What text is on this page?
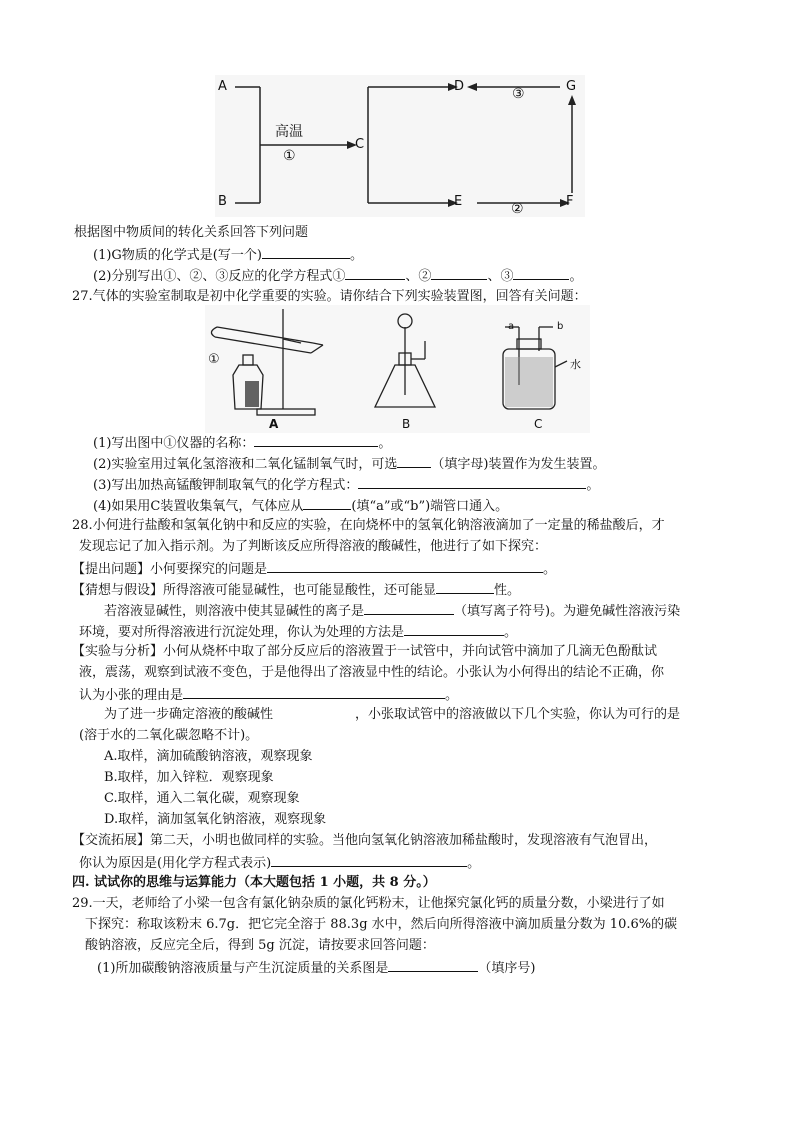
A
B
C
D
E	F
G
高温
①
②
③
根据图中物质间的转化关系回答下列问题
(1)G物质的化学式是(写一个)	。
(2)分别写出①、②、③反应的化学方程式①	、②	、③	。
27.气体的实验室制取是初中化学重要的实验。请你结合下列实验装置图，回答有关问题：
①
A	B	C
a	b
水
(1)写出图中①仪器的名称：	。
(2)实验室用过氧化氢溶液和二氧化锰制氧气时，可选	（填字母)装置作为发生装置。
(3)写出加热高锰酸钾制取氧气的化学方程式：	。
(4)如果用C装置收集氧气，气体应从	(填“a”或“b”)端管口通入。
28.小何进行盐酸和氢氧化钠中和反应的实验，在向烧杯中的氢氧化钠溶液滴加了一定量的稀盐酸后，才
发现忘记了加入指示剂。为了判断该反应所得溶液的酸碱性，他进行了如下探究：
【提出问题】小何要探究的问题是	。
【猜想与假设】所得溶液可能显碱性，也可能显酸性，还可能显	性。
若溶液显碱性，则溶液中使其显碱性的离子是	（填写离子符号)。为避免碱性溶液污染
环境，要对所得溶液进行沉淀处理，你认为处理的方法是	。
【实验与分析】小何从烧杯中取了部分反应后的溶液置于一试管中，并向试管中滴加了几滴无色酚酞试
液，震荡，观察到试液不变色，于是他得出了溶液显中性的结论。小张认为小何得出的结论不正确，你
认为小张的理由是	。
为了进一步确定溶液的酸碱性	，小张取试管中的溶液做以下几个实验，你认为可行的是
(溶于水的二氧化碳忽略不计)。
A.取样，滴加硫酸钠溶液，观察现象
B.取样，加入锌粒．观察现象
C.取样，通入二氧化碳，观察现象
D.取样，滴加氢氧化钠溶液，观察现象
【交流拓展】第二天，小明也做同样的实验。当他向氢氧化钠溶液加稀盐酸时，发现溶液有气泡冒出，
你认为原因是(用化学方程式表示)	。
四. 试试你的思维与运算能力（本大题包括 1 小题，共 8 分。）
29.一天，老师给了小梁一包含有氯化钠杂质的氯化钙粉末，让他探究氯化钙的质量分数，小梁进行了如
下探究：称取该粉末 6.7g．把它完全溶于 88.3g 水中，然后向所得溶液中滴加质量分数为 10.6%的碳
酸钠溶液，反应完全后，得到 5g 沉淀，请按要求回答问题：
(1)所加碳酸钠溶液质量与产生沉淀质量的关系图是	（填序号)
